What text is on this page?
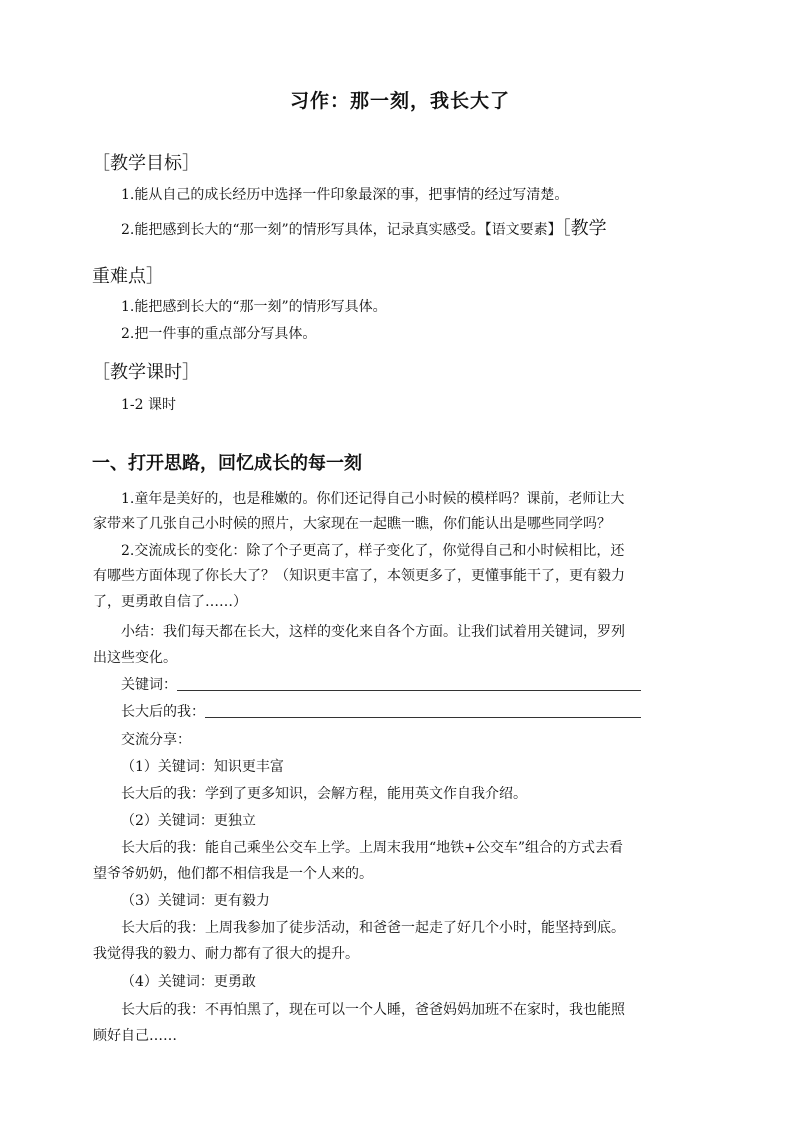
习作：那一刻，我长大了
［教学目标］
1.能从自己的成长经历中选择一件印象最深的事，把事情的经过写清楚。
2.能把感到长大的“那一刻”的情形写具体，记录真实感受。【语文要素】［教学
重难点］
1.能把感到长大的“那一刻”的情形写具体。
2.把一件事的重点部分写具体。
［教学课时］
1-2 课时
一、打开思路，回忆成长的每一刻
1.童年是美好的，也是稚嫩的。你们还记得自己小时候的模样吗？课前，老师让大
家带来了几张自己小时候的照片，大家现在一起瞧一瞧，你们能认出是哪些同学吗？
2.交流成长的变化：除了个子更高了，样子变化了，你觉得自己和小时候相比，还
有哪些方面体现了你长大了？（知识更丰富了，本领更多了，更懂事能干了，更有毅力
了，更勇敢自信了……）
小结：我们每天都在长大，这样的变化来自各个方面。让我们试着用关键词，罗列
出这些变化。
关键词：
长大后的我：
交流分享：
（1）关键词：知识更丰富
长大后的我：学到了更多知识，会解方程，能用英文作自我介绍。
（2）关键词：更独立
长大后的我：能自己乘坐公交车上学。上周末我用“地铁+公交车”组合的方式去看
望爷爷奶奶，他们都不相信我是一个人来的。
（3）关键词：更有毅力
长大后的我：上周我参加了徒步活动，和爸爸一起走了好几个小时，能坚持到底。
我觉得我的毅力、耐力都有了很大的提升。
（4）关键词：更勇敢
长大后的我：不再怕黑了，现在可以一个人睡，爸爸妈妈加班不在家时，我也能照
顾好自己……
